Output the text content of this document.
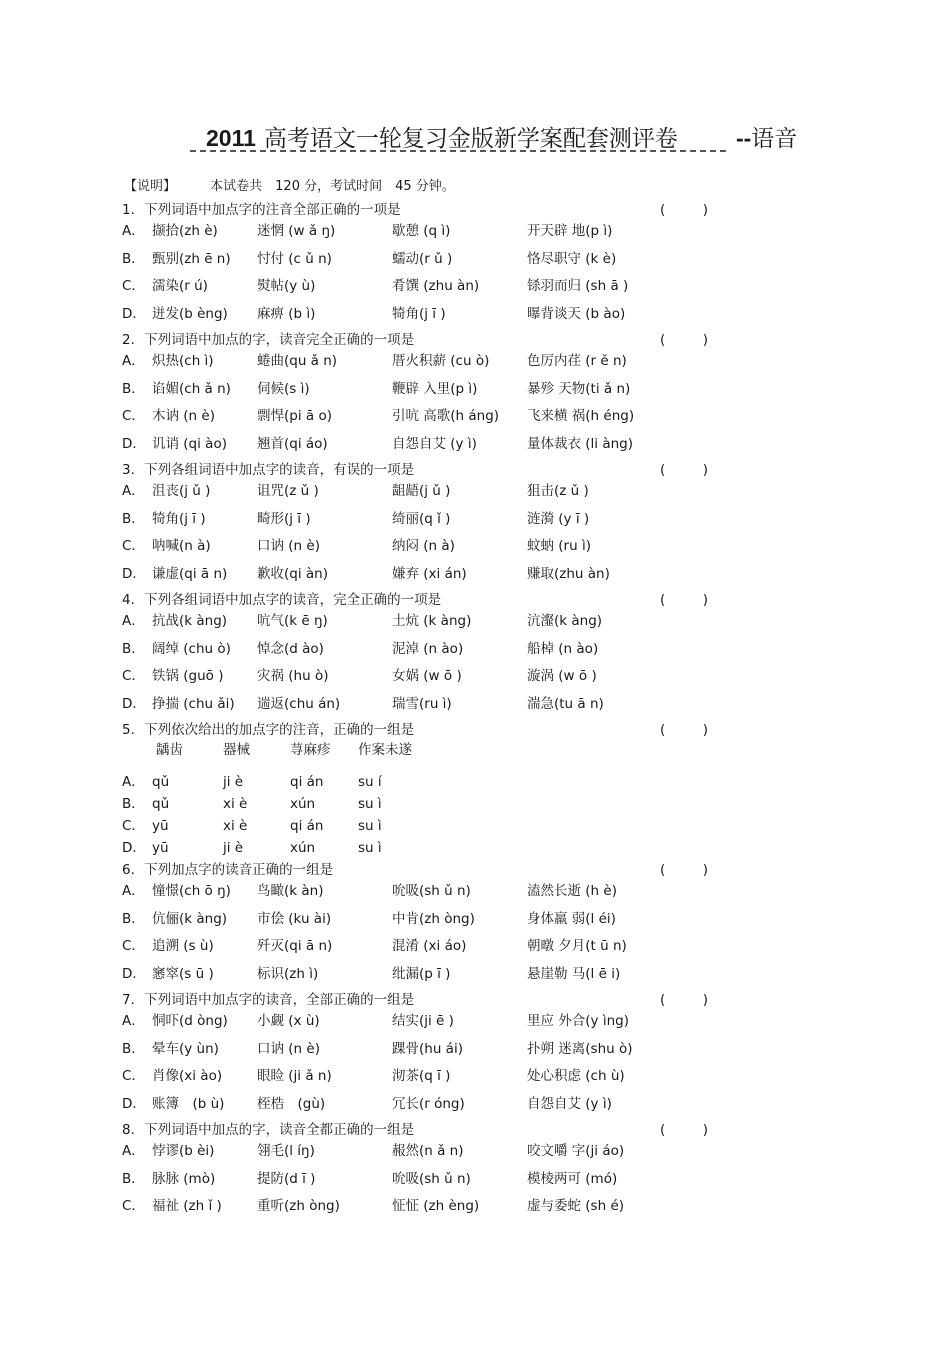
2011 高考语文一轮复习金版新学案配套测评卷	--语音
【说明】	本试卷共　120 分，考试时间　45 分钟。
1．下列词语中加点字的注音全部正确的一项是	(	)
A． 撷拾(zh è)	迷惘 (w ǎ ŋ)	歇憩 (q ì)	开天辟 地(p ì)
B． 甄别(zh ē n) 忖付 (c ǔ n)	蠕动(r ǔ )	恪尽职守 (k è)
C． 濡染(r ú)	熨帖(y ù)	肴馔 (zhu àn)	铩羽而归 (sh ā )
D． 迸发(b èng) 麻痹 (b ì)	犄角(j ī )	曝背谈天 (b ào)
2．下列词语中加点的字，读音完全正确的一项是	(	)
A． 炽热(ch ì)	蜷曲(qu ǎ n)	厝火积薪 (cu ò)	色厉内荏 (r ě n)
B． 谄媚(ch ǎ n) 伺候(s ì)	鞭辟 入里(p ì)	暴殄 天物(ti ǎ n)
C． 木讷 (n è)	剽悍(pi ā o)	引吭 高歌(h áng) 飞来横 祸(h éng)
D． 讥诮 (qi ào) 翘首(qi áo)	自怨自艾 (y ì)	量体裁衣 (li àng)
3．下列各组词语中加点字的读音，有误的一项是	(	)
A． 沮丧(j ǔ )	诅咒(z ǔ )	龃龉(j ǔ )	狙击(z ǔ )
B． 犄角(j ī )	畸形(j ī )	绮丽(q ǐ )	涟漪 (y ī )
C． 呐喊(n à)	口讷 (n è)	纳闷 (n à)	蚊蚋 (ru ì)
D． 谦虚(qi ā n) 歉收(qi àn)	嫌弃 (xi án)	赚取(zhu àn)
4．下列各组词语中加点字的读音，完全正确的一项是	(	)
A． 抗战(k àng) 吭气(k ē ŋ)	土炕 (k àng)	沆瀣(k àng)
B． 阔绰 (chu ò) 悼念(d ào)	泥淖 (n ào)	船棹 (n ào)
C． 铁锅 (guō ) 灾祸 (hu ò)	女娲 (w ō )	漩涡 (w ō )
D． 挣揣 (chu ǎi) 遄返(chu án)	瑞雪(ru ì)	湍急(tu ā n)
5．下列依次给出的加点字的注音，正确的一组是	(	)
龋齿	器械	荨麻疹 作案未遂
A． qǔ	ji è	qi án	su í
B． qǔ	xi è	xún	su ì
C． yū	xi è	qi án	su ì
D． yū	ji è	xún	su ì
6．下列加点字的读音正确的一组是	(	)
A． 憧憬(ch ō ŋ) 鸟瞰(k àn)	吮吸(sh ǔ n)	溘然长逝 (h è)
B． 伉俪(k àng) 市侩 (ku ài)	中肯(zh òng)	身体羸 弱(l éi)
C． 追溯 (s ù)	歼灭(qi ā n)	混淆 (xi áo)	朝暾 夕月(t ū n)
D． 窸窣(s ū )	标识(zh ì)	纰漏(p ī )	悬崖勒 马(l ē i)
7．下列词语中加点字的读音，全部正确的一组是	(	)
A． 恫吓(d òng) 小觑 (x ù)	结实(ji ē )	里应 外合(y ìng)
B． 晕车(y ùn)	口讷 (n è)	踝骨(hu ái)	扑朔 迷离(shu ò)
C． 肖像(xi ào)	眼睑 (ji ǎ n)	沏茶(q ī )	处心积虑 (ch ù)
D． 账簿　(b ù) 桎梏　(gù)	冗长(r óng)	自怨自艾 (y ì)
8．下列词语中加点的字，读音全都正确的一组是	(	)
A． 悖谬(b èi)	翎毛(l íŋ)	赧然(n ǎ n)	咬文嚼 字(ji áo)
B． 脉脉 (mò)	提防(d ī )	吮吸(sh ǔ n)	模棱两可 (mó)
C． 福祉 (zh ǐ )	重听(zh òng)	怔怔 (zh èng)	虚与委蛇 (sh é)
